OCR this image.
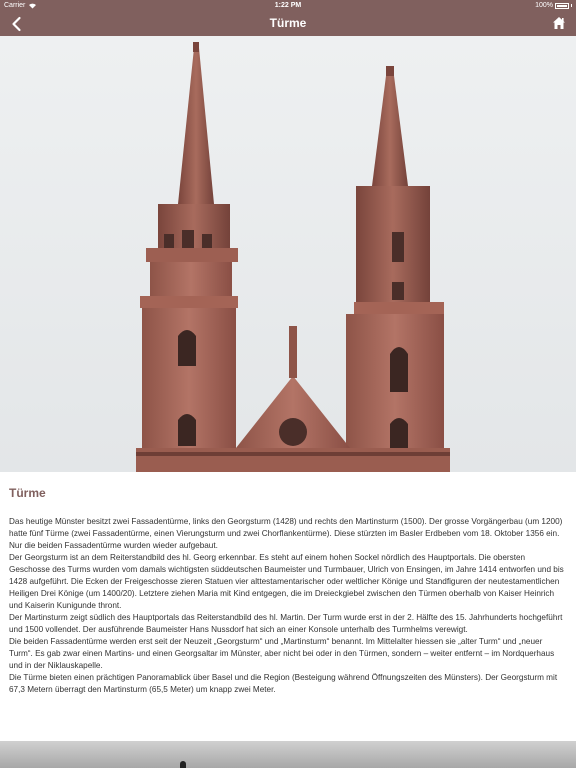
Carrier	1:22 PM	100%
Türme
Türme

Das heutige Münster besitzt zwei Fassadentürme, links den Georgsturm (1428) und rechts den Martinsturm (1500). Der grosse Vorgängerbau (um 1200) hatte fünf Türme (zwei Fassadentürme, einen Vierungsturm und zwei Chorflankentürme). Diese stürzten im Basler Erdbeben vom 18. Oktober 1356 ein. Nur die beiden Fassadentürme wurden wieder aufgebaut.

Der Georgsturm ist an dem Reiterstandbild des hl. Georg erkennbar. Es steht auf einem hohen Sockel nördlich des Hauptportals. Die obersten Geschosse des Turms wurden vom damals wichtigsten süddeutschen Baumeister und Turmbauer, Ulrich von Ensingen, im Jahre 1414 entworfen und bis 1428 aufgeführt. Die Ecken der Freigeschosse zieren Statuen vier alttestamentarischer oder weltlicher Könige und Standfiguren der neutestamentlichen Heiligen Drei Könige (um 1400/20). Letztere ziehen Maria mit Kind entgegen, die im Dreieckgiebel zwischen den Türmen oberhalb von Kaiser Heinrich und Kaiserin Kunigunde thront.

Der Martinsturm zeigt südlich des Hauptportals das Reiterstandbild des hl. Martin. Der Turm wurde erst in der 2. Hälfte des 15. Jahrhunderts hochgeführt und 1500 vollendet. Der ausführende Baumeister Hans Nussdorf hat sich an einer Konsole unterhalb des Turmhelms verewigt.

Die beiden Fassadentürme werden erst seit der Neuzeit „Georgsturm“ und „Martinsturm“ benannt. Im Mittelalter hiessen sie „alter Turm“ und „neuer Turm“. Es gab zwar einen Martins- und einen Georgsaltar im Münster, aber nicht bei oder in den Türmen, sondern – weiter entfernt – im Nordquerhaus und in der Niklauskapelle.

Die Türme bieten einen prächtigen Panoramablick über Basel und die Region (Besteigung während Öffnungszeiten des Münsters). Der Georgsturm mit 67,3 Metern überragt den Martinsturm (65,5 Meter) um knapp zwei Meter.
